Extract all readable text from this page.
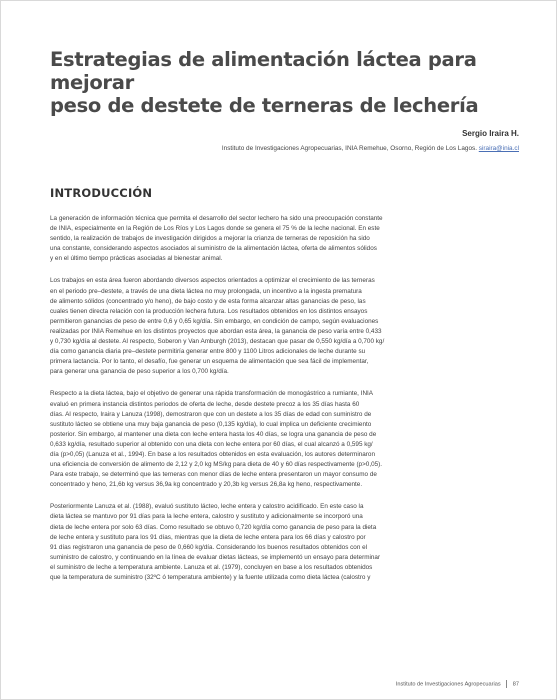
Estrategias de alimentación láctea para mejorar
peso de destete de terneras de lechería
Sergio Iraira H.
Instituto de Investigaciones Agropecuarias, INIA Remehue, Osorno, Región de Los Lagos. siraira@inia.cl
INTRODUCCIÓN

La generación de información técnica que permita el desarrollo del sector lechero ha sido una preocupación constante
de INIA, especialmente en la Región de Los Ríos y Los Lagos donde se genera el 75 % de la leche nacional. En este
sentido, la realización de trabajos de investigación dirigidos a mejorar la crianza de terneras de reposición ha sido
una constante, considerando aspectos asociados al suministro de la alimentación láctea, oferta de alimentos sólidos
y en el último tiempo prácticas asociadas al bienestar animal.

Los trabajos en esta área fueron abordando diversos aspectos orientados a optimizar el crecimiento de las terneras
en el periodo pre–destete, a través de una dieta láctea no muy prolongada, un incentivo a la ingesta prematura
de alimento sólidos (concentrado y/o heno), de bajo costo y de esta forma alcanzar altas ganancias de peso, las
cuales tienen directa relación con la producción lechera futura. Los resultados obtenidos en los distintos ensayos
permitieron ganancias de peso de entre 0,6 y 0,65 kg/día. Sin embargo, en condición de campo, según evaluaciones
realizadas por INIA Remehue en los distintos proyectos que abordan esta área, la ganancia de peso varía entre 0,433
y 0,730 kg/día al destete. Al respecto, Soberon y Van Amburgh (2013), destacan que pasar de 0,550 kg/día a 0,700 kg/
día como ganancia diaria pre–destete permitiría generar entre 800 y 1100 Litros adicionales de leche durante su
primera lactancia. Por lo tanto, el desafío, fue generar un esquema de alimentación que sea fácil de implementar,
para generar una ganancia de peso superior a los 0,700 kg/día.

Respecto a la dieta láctea, bajo el objetivo de generar una rápida transformación de monogástrico a rumiante, INIA
evaluó en primera instancia distintos periodos de oferta de leche, desde destete precoz a los 35 días hasta 60
días. Al respecto, Iraira y Lanuza (1998), demostraron que con un destete a los 35 días de edad con suministro de
sustituto lácteo se obtiene una muy baja ganancia de peso (0,135 kg/día), lo cual implica un deficiente crecimiento
posterior. Sin embargo, al mantener una dieta con leche entera hasta los 40 días, se logra una ganancia de peso de
0,633 kg/día, resultado superior al obtenido con una dieta con leche entera por 60 días, el cual alcanzó a 0,595 kg/
día (p>0,05) (Lanuza et al., 1994). En base a los resultados obtenidos en esta evaluación, los autores determinaron
una eficiencia de conversión de alimento de 2,12 y 2,0 kg MS/kg para dieta de 40 y 60 días respectivamente (p>0,05).
Para este trabajo, se determinó que las terneras con menor días de leche entera presentaron un mayor consumo de
concentrado y heno, 21,6b kg versus 36,9a kg concentrado y 20,3b kg versus 26,8a kg heno, respectivamente.

Posteriormente Lanuza et al. (1988), evaluó sustituto lácteo, leche entera y calostro acidificado. En este caso la
dieta láctea se mantuvo por 91 días para la leche entera, calostro y sustituto y adicionalmente se incorporó una
dieta de leche entera por solo 63 días. Como resultado se obtuvo 0,720 kg/día como ganancia de peso para la dieta
de leche entera y sustituto para los 91 días, mientras que la dieta de leche entera para los 66 días y calostro por
91 días registraron una ganancia de peso de 0,660 kg/día. Considerando los buenos resultados obtenidos con el
suministro de calostro, y continuando en la línea de evaluar dietas lácteas, se implementó un ensayo para determinar
el suministro de leche a temperatura ambiente. Lanuza et al. (1979), concluyen en base a los resultados obtenidos
que la temperatura de suministro (32ºC ó temperatura ambiente) y la fuente utilizada como dieta láctea (calostro y

Instituto de Investigaciones Agropecuarias 87
